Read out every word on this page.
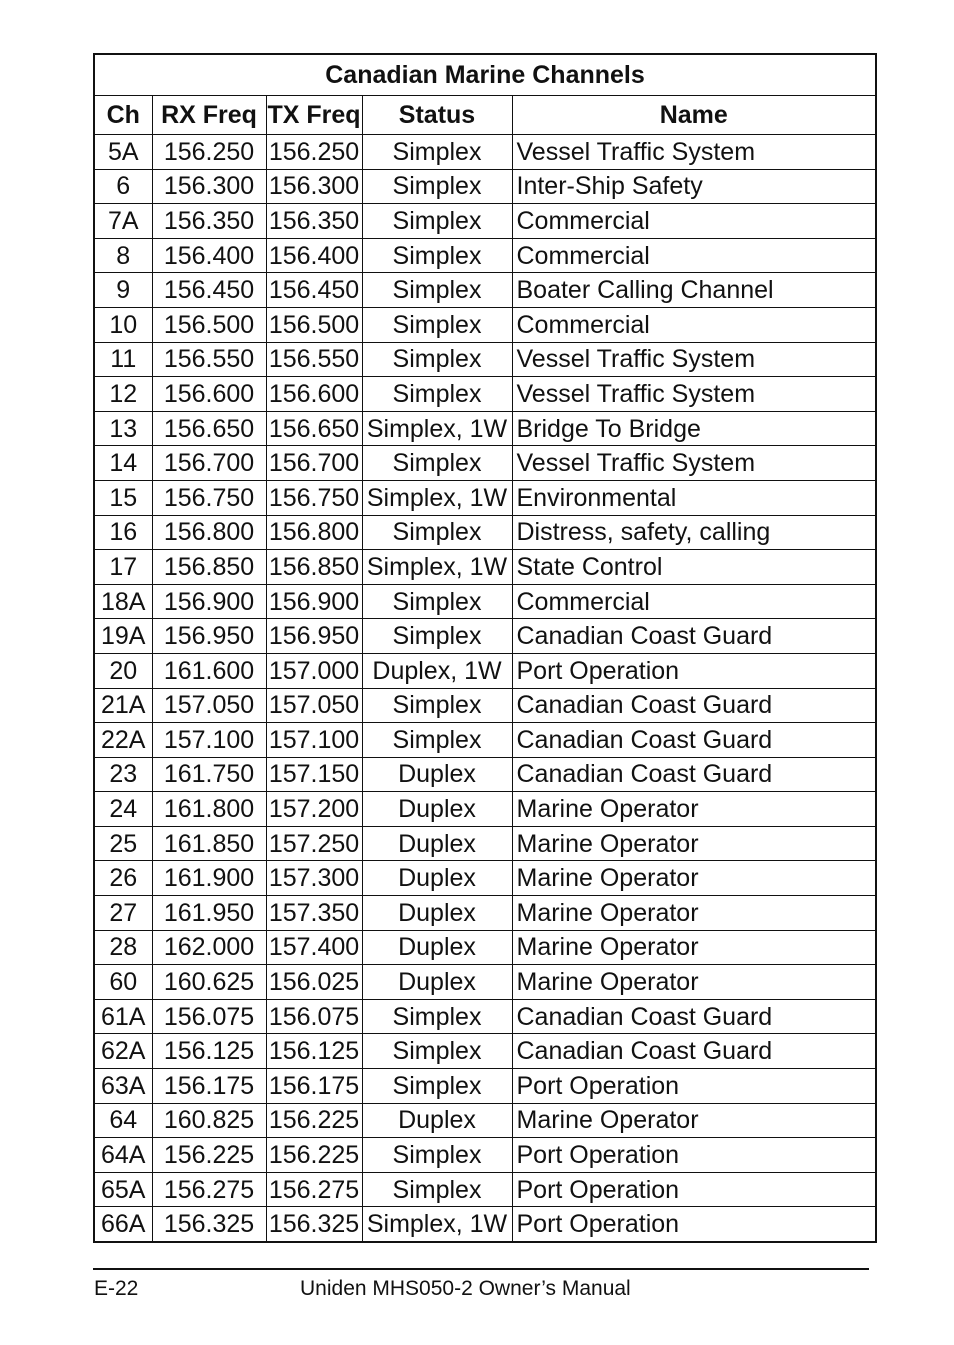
Canadian Marine Channels				
Ch	RX Freq	TX Freq	Status	Name
5A	156.250	156.250	Simplex	Vessel Traffic System
6	156.300	156.300	Simplex	Inter-Ship Safety
7A	156.350	156.350	Simplex	Commercial
8	156.400	156.400	Simplex	Commercial
9	156.450	156.450	Simplex	Boater Calling Channel
10	156.500	156.500	Simplex	Commercial
11	156.550	156.550	Simplex	Vessel Traffic System
12	156.600	156.600	Simplex	Vessel Traffic System
13	156.650	156.650	Simplex, 1W	Bridge To Bridge
14	156.700	156.700	Simplex	Vessel Traffic System
15	156.750	156.750	Simplex, 1W	Environmental
16	156.800	156.800	Simplex	Distress, safety, calling
17	156.850	156.850	Simplex, 1W	State Control
18A	156.900	156.900	Simplex	Commercial
19A	156.950	156.950	Simplex	Canadian Coast Guard
20	161.600	157.000	Duplex, 1W	Port Operation
21A	157.050	157.050	Simplex	Canadian Coast Guard
22A	157.100	157.100	Simplex	Canadian Coast Guard
23	161.750	157.150	Duplex	Canadian Coast Guard
24	161.800	157.200	Duplex	Marine Operator
25	161.850	157.250	Duplex	Marine Operator
26	161.900	157.300	Duplex	Marine Operator
27	161.950	157.350	Duplex	Marine Operator
28	162.000	157.400	Duplex	Marine Operator
60	160.625	156.025	Duplex	Marine Operator
61A	156.075	156.075	Simplex	Canadian Coast Guard
62A	156.125	156.125	Simplex	Canadian Coast Guard
63A	156.175	156.175	Simplex	Port Operation
64	160.825	156.225	Duplex	Marine Operator
64A	156.225	156.225	Simplex	Port Operation
65A	156.275	156.275	Simplex	Port Operation
66A	156.325	156.325	Simplex, 1W	Port Operation
E-22	Uniden MHS050-2 Owner’s Manual
